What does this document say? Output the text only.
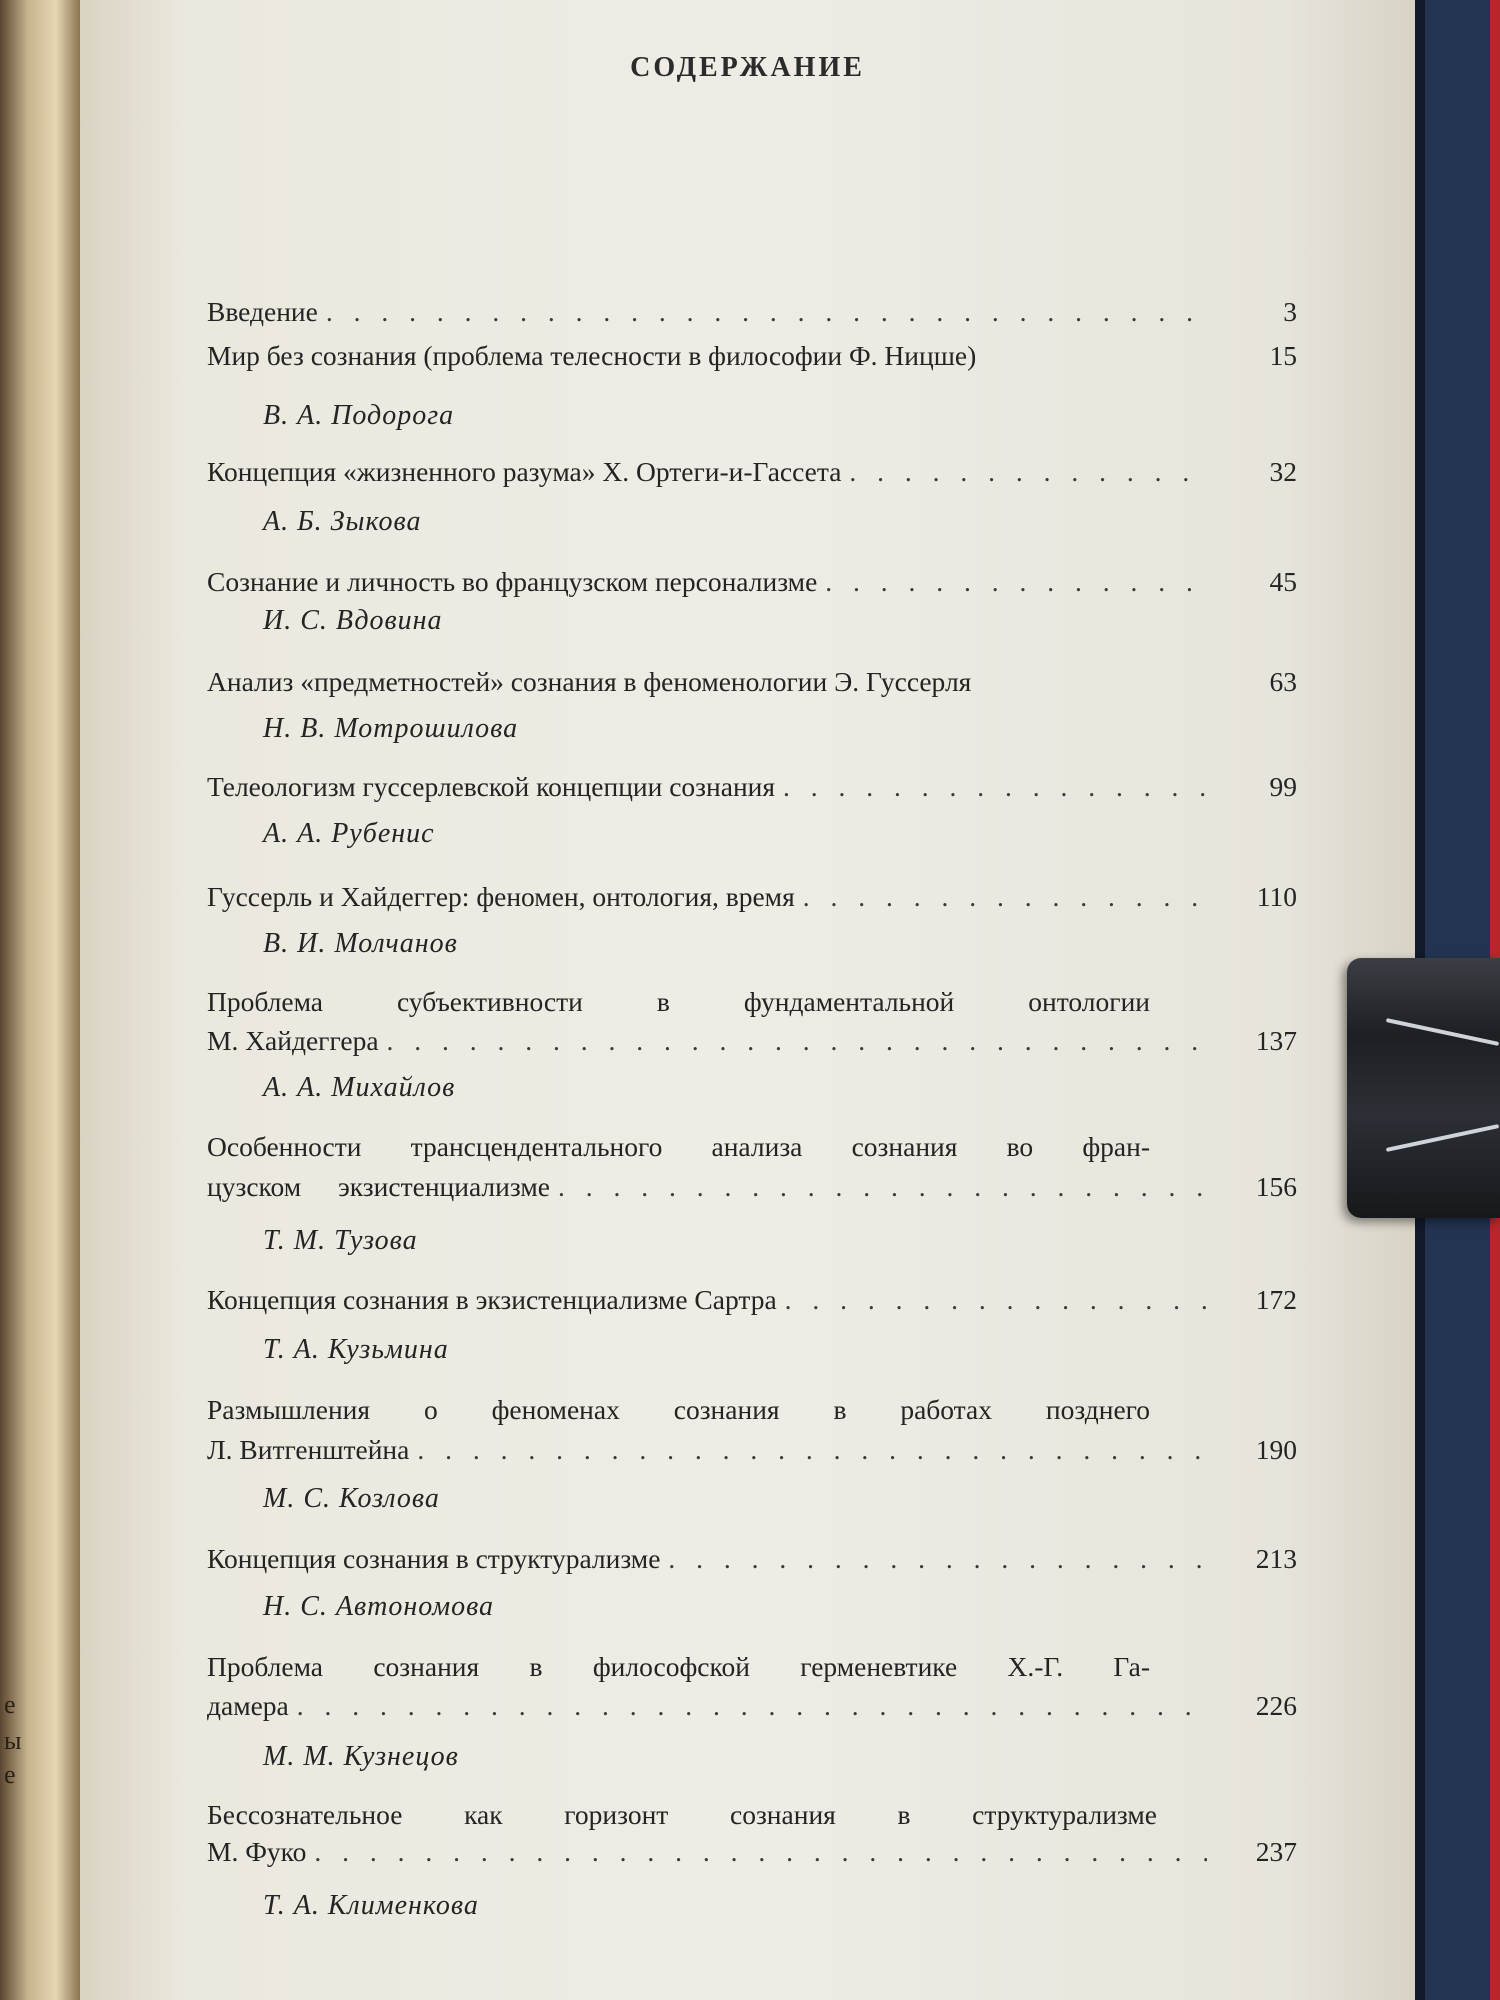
е
ы
е
СОДЕРЖАНИЕ
Введение . . .	3
Мир без сознания (проблема телесности в философии Ф. Ницше)	15
В. А. Подорога
Концепция «жизненного разума» Х. Ортеги-и-Гассета . . .	32
А. Б. Зыкова
Сознание и личность во французском персонализме . . .	45
И. С. Вдовина
Анализ «предметностей» сознания в феноменологии Э. Гуссерля	63
Н. В. Мотрошилова
Телеологизм гуссерлевской концепции сознания . . .	99
А. А. Рубенис
Гуссерль и Хайдеггер: феномен, онтология, время . . .	110
В. И. Молчанов
Проблема субъективности в фундаментальной онтологии
М. Хайдеггера . . .	137
А. А. Михайлов
Особенности трансцендентального анализа сознания во фран-
цузском экзистенциализме . . .	156
Т. М. Тузова
Концепция сознания в экзистенциализме Сартра . . .	172
Т. А. Кузьмина
Размышления о феноменах сознания в работах позднего
Л. Витгенштейна . . .	190
М. С. Козлова
Концепция сознания в структурализме . . .	213
Н. С. Автономова
Проблема сознания в философской герменевтике Х.-Г. Га-
дамера . . .	226
М. М. Кузнецов
Бессознательное как горизонт сознания в структурализме
М. Фуко . . .	237
Т. А. Клименкова
